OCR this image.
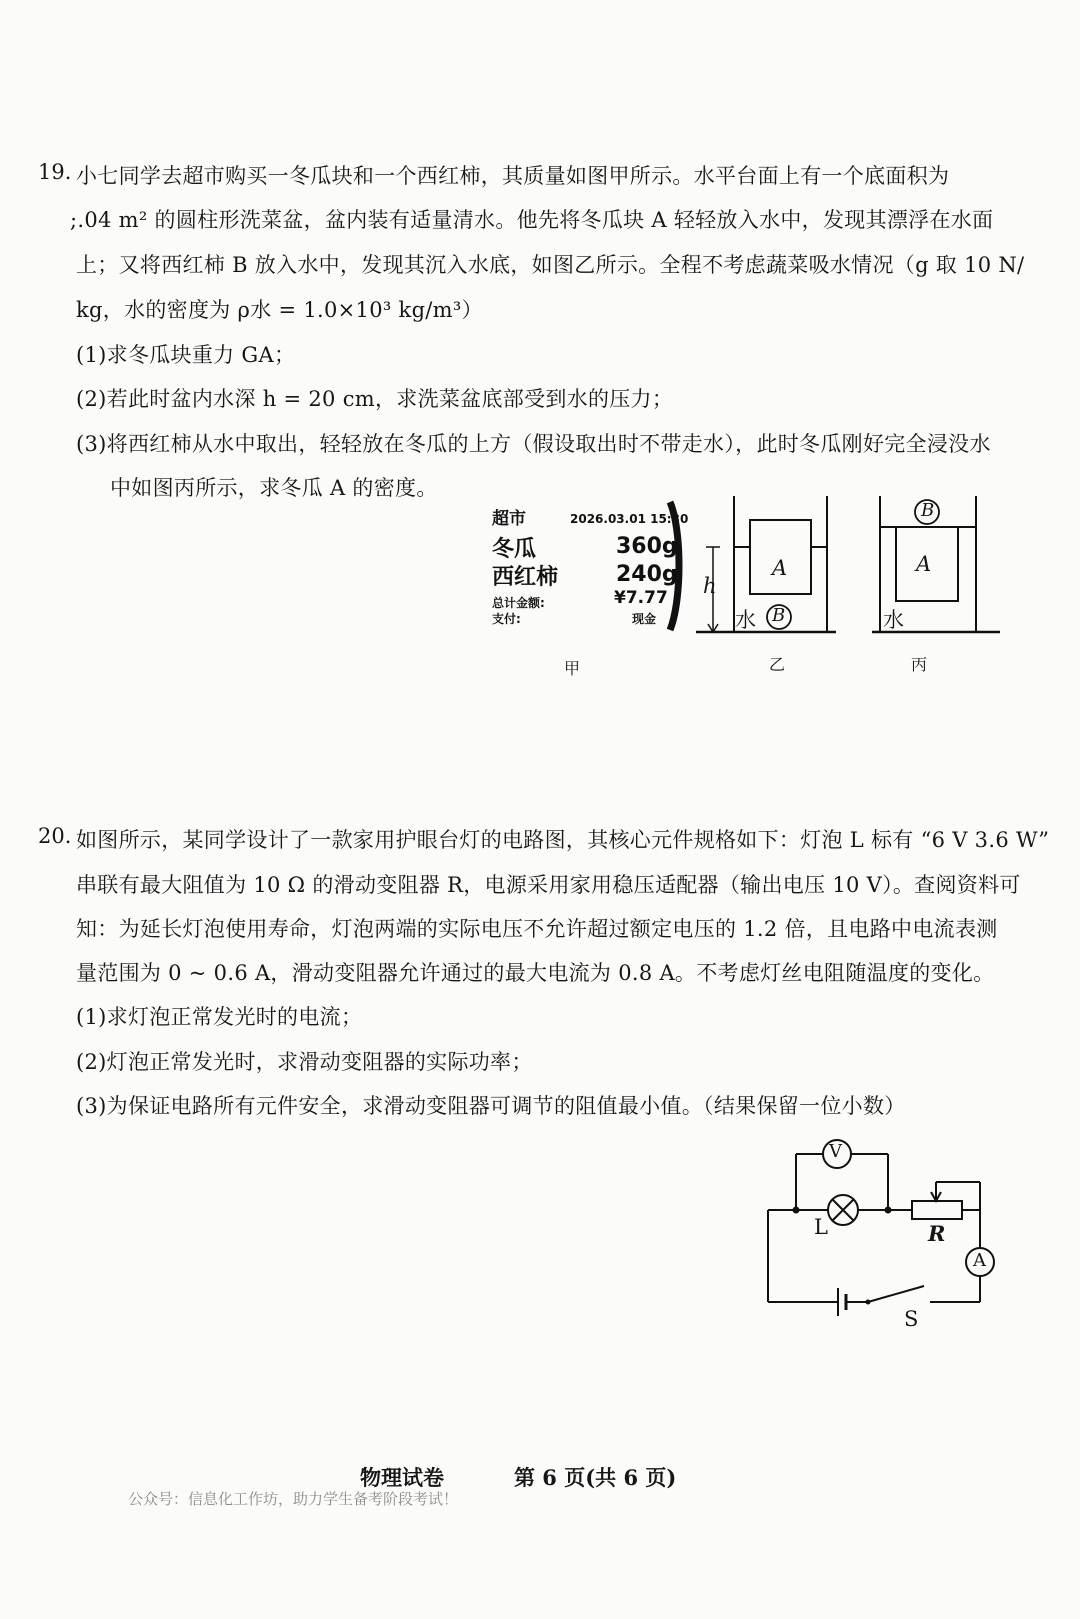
19. 小七同学去超市购买一冬瓜块和一个西红柿，其质量如图甲所示。水平台面上有一个底面积为
;.04 m² 的圆柱形洗菜盆，盆内装有适量清水。他先将冬瓜块 A 轻轻放入水中，发现其漂浮在水面
上；又将西红柿 B 放入水中，发现其沉入水底，如图乙所示。全程不考虑蔬菜吸水情况（g 取 10 N/
kg，水的密度为 ρ水 = 1.0×10³ kg/m³）
(1)求冬瓜块重力 GA；
(2)若此时盆内水深 h = 20 cm，求洗菜盆底部受到水的压力；
(3)将西红柿从水中取出，轻轻放在冬瓜的上方（假设取出时不带走水），此时冬瓜刚好完全浸没水
中如图丙所示，求冬瓜 A 的密度。
超市	2026.03.01 15:30
冬瓜	360g
西红柿	240g
总计金额:	¥7.77
支付:	现金
h
A
水 B
A
水
B
甲	乙	丙
20. 如图所示，某同学设计了一款家用护眼台灯的电路图，其核心元件规格如下：灯泡 L 标有 “6 V 3.6 W”
串联有最大阻值为 10 Ω 的滑动变阻器 R，电源采用家用稳压适配器（输出电压 10 V）。查阅资料可
知：为延长灯泡使用寿命，灯泡两端的实际电压不允许超过额定电压的 1.2 倍，且电路中电流表测
量范围为 0 ~ 0.6 A，滑动变阻器允许通过的最大电流为 0.8 A。不考虑灯丝电阻随温度的变化。
(1)求灯泡正常发光时的电流；
(2)灯泡正常发光时，求滑动变阻器的实际功率；
(3)为保证电路所有元件安全，求滑动变阻器可调节的阻值最小值。（结果保留一位小数）
V
L	R
A
S
物理试卷	第 6 页(共 6 页)
公众号：信息化工作坊，助力学生备考阶段考试！
